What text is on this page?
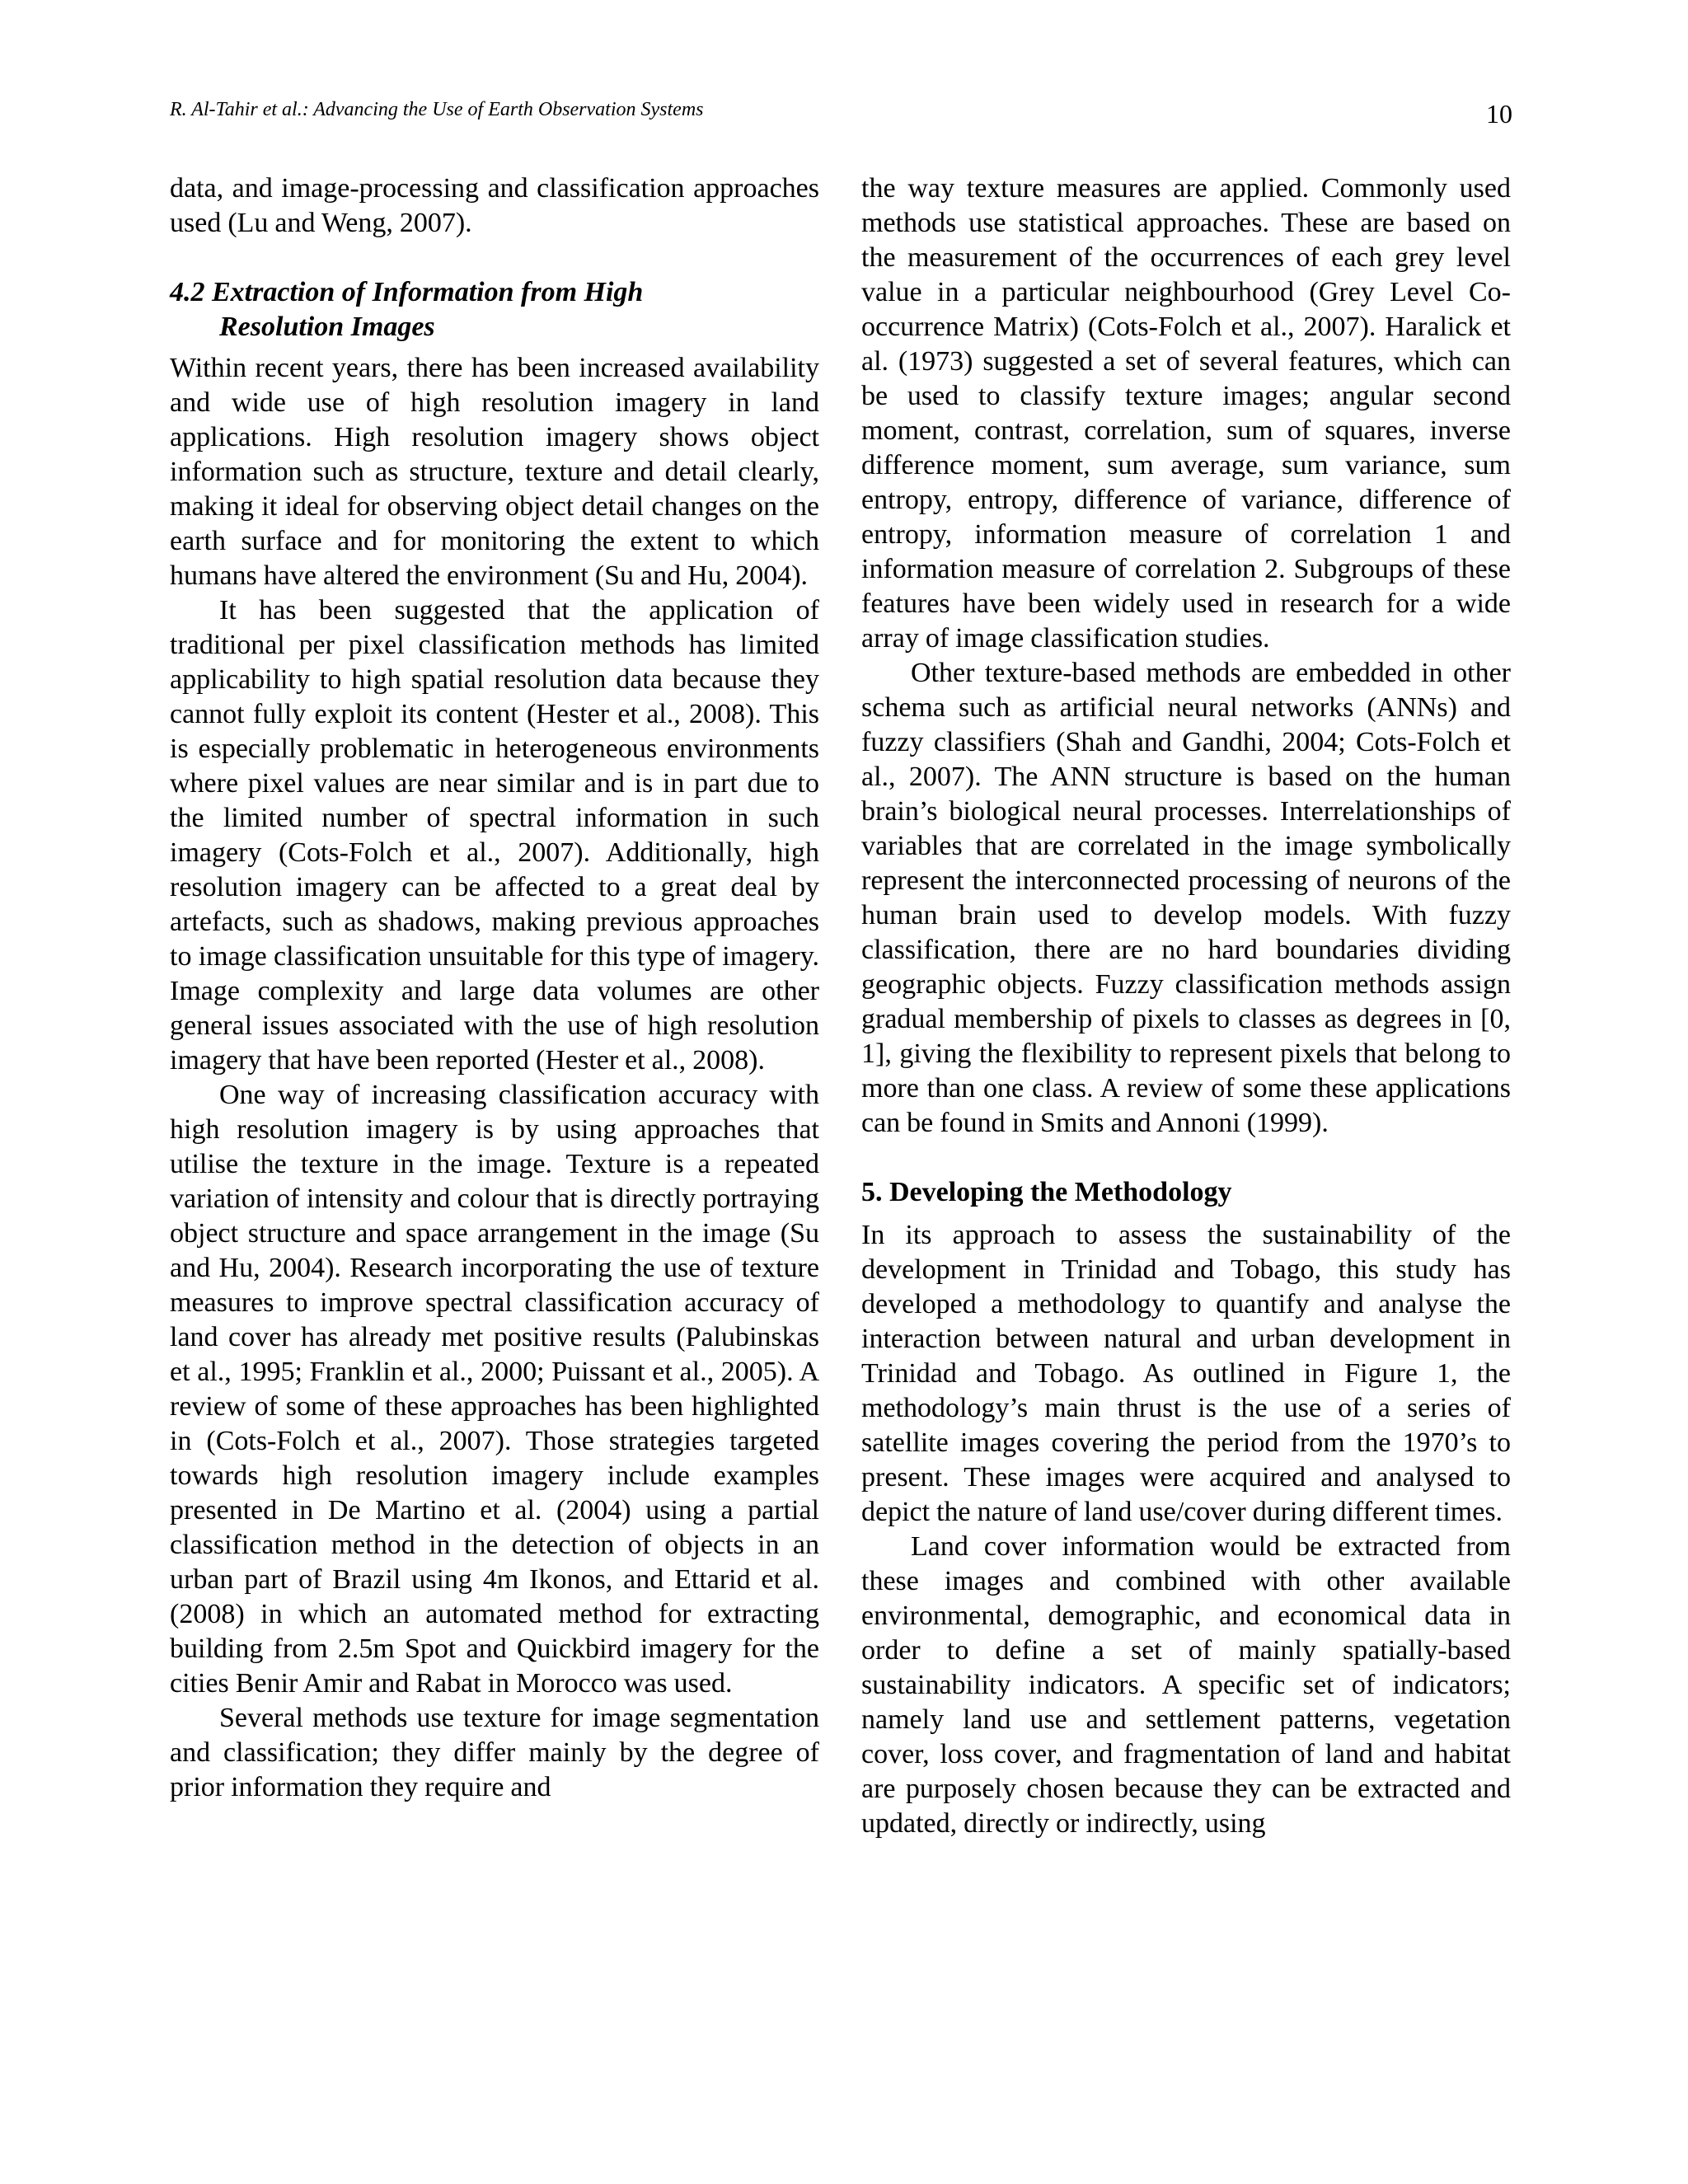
R. Al-Tahir et al.: Advancing the Use of Earth Observation Systems	10

data, and image-processing and classification approaches used (Lu and Weng, 2007).

4.2 Extraction of Information from High
Resolution Images

Within recent years, there has been increased availability and wide use of high resolution imagery in land applications. High resolution imagery shows object information such as structure, texture and detail clearly, making it ideal for observing object detail changes on the earth surface and for monitoring the extent to which humans have altered the environment (Su and Hu, 2004).

It has been suggested that the application of traditional per pixel classification methods has limited applicability to high spatial resolution data because they cannot fully exploit its content (Hester et al., 2008). This is especially problematic in heterogeneous environments where pixel values are near similar and is in part due to the limited number of spectral information in such imagery (Cots-Folch et al., 2007). Additionally, high resolution imagery can be affected to a great deal by artefacts, such as shadows, making previous approaches to image classification unsuitable for this type of imagery. Image complexity and large data volumes are other general issues associated with the use of high resolution imagery that have been reported (Hester et al., 2008).

One way of increasing classification accuracy with high resolution imagery is by using approaches that utilise the texture in the image. Texture is a repeated variation of intensity and colour that is directly portraying object structure and space arrangement in the image (Su and Hu, 2004). Research incorporating the use of texture measures to improve spectral classification accuracy of land cover has already met positive results (Palubinskas et al., 1995; Franklin et al., 2000; Puissant et al., 2005). A review of some of these approaches has been highlighted in (Cots-Folch et al., 2007). Those strategies targeted towards high resolution imagery include examples presented in De Martino et al. (2004) using a partial classification method in the detection of objects in an urban part of Brazil using 4m Ikonos, and Ettarid et al. (2008) in which an automated method for extracting building from 2.5m Spot and Quickbird imagery for the cities Benir Amir and Rabat in Morocco was used.

Several methods use texture for image segmentation and classification; they differ mainly by the degree of prior information they require and

the way texture measures are applied. Commonly used methods use statistical approaches. These are based on the measurement of the occurrences of each grey level value in a particular neighbourhood (Grey Level Co-occurrence Matrix) (Cots-Folch et al., 2007). Haralick et al. (1973) suggested a set of several features, which can be used to classify texture images; angular second moment, contrast, correlation, sum of squares, inverse difference moment, sum average, sum variance, sum entropy, entropy, difference of variance, difference of entropy, information measure of correlation 1 and information measure of correlation 2. Subgroups of these features have been widely used in research for a wide array of image classification studies.

Other texture-based methods are embedded in other schema such as artificial neural networks (ANNs) and fuzzy classifiers (Shah and Gandhi, 2004; Cots-Folch et al., 2007). The ANN structure is based on the human brain’s biological neural processes. Interrelationships of variables that are correlated in the image symbolically represent the interconnected processing of neurons of the human brain used to develop models. With fuzzy classification, there are no hard boundaries dividing geographic objects. Fuzzy classification methods assign gradual membership of pixels to classes as degrees in [0, 1], giving the flexibility to represent pixels that belong to more than one class. A review of some these applications can be found in Smits and Annoni (1999).

5. Developing the Methodology

In its approach to assess the sustainability of the development in Trinidad and Tobago, this study has developed a methodology to quantify and analyse the interaction between natural and urban development in Trinidad and Tobago. As outlined in Figure 1, the methodology’s main thrust is the use of a series of satellite images covering the period from the 1970’s to present. These images were acquired and analysed to depict the nature of land use/cover during different times.

Land cover information would be extracted from these images and combined with other available environmental, demographic, and economical data in order to define a set of mainly spatially-based sustainability indicators. A specific set of indicators; namely land use and settlement patterns, vegetation cover, loss cover, and fragmentation of land and habitat are purposely chosen because they can be extracted and updated, directly or indirectly, using
